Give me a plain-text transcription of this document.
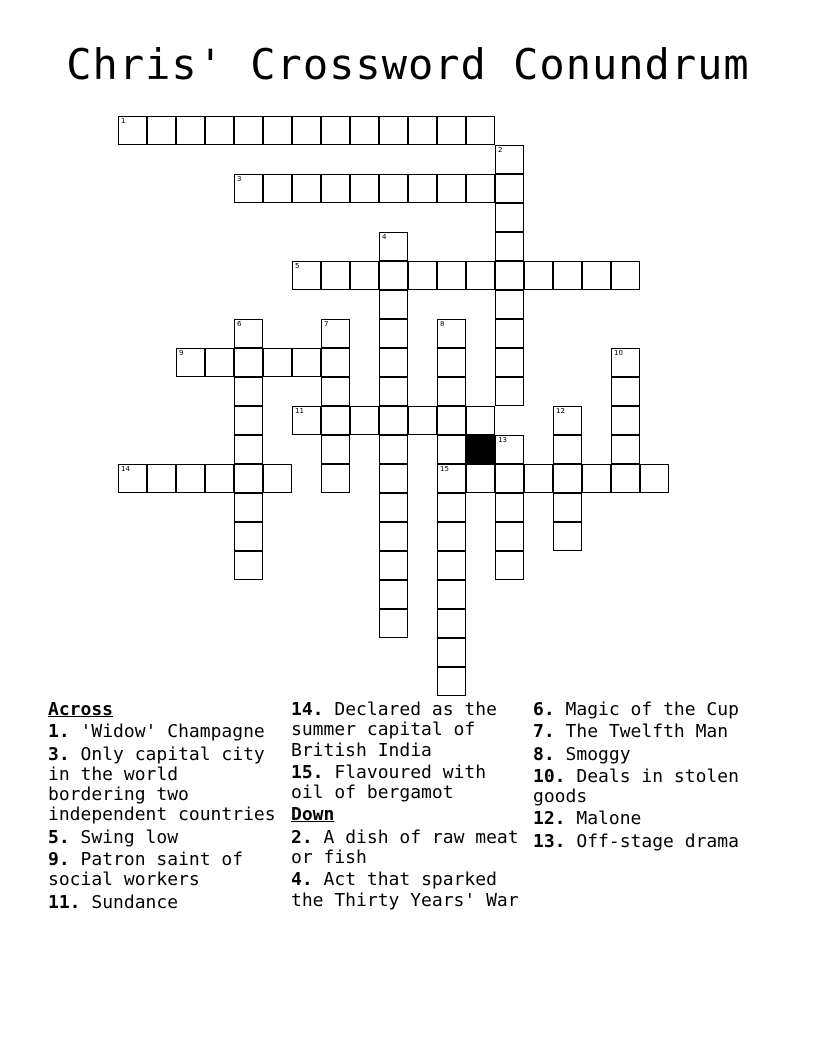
Chris' Crossword Conundrum
1
2
3
4
5
6	7	8
9	10
11	12
13
14	15
Across
1. 'Widow' Champagne
3. Only capital city in the world bordering two independent countries
5. Swing low
9. Patron saint of social workers
11. Sundance
14. Declared as the summer capital of British India
15. Flavoured with oil of bergamot
Down
2. A dish of raw meat or fish
4. Act that sparked the Thirty Years' War
6. Magic of the Cup
7. The Twelfth Man
8. Smoggy
10. Deals in stolen goods
12. Malone
13. Off-stage drama
